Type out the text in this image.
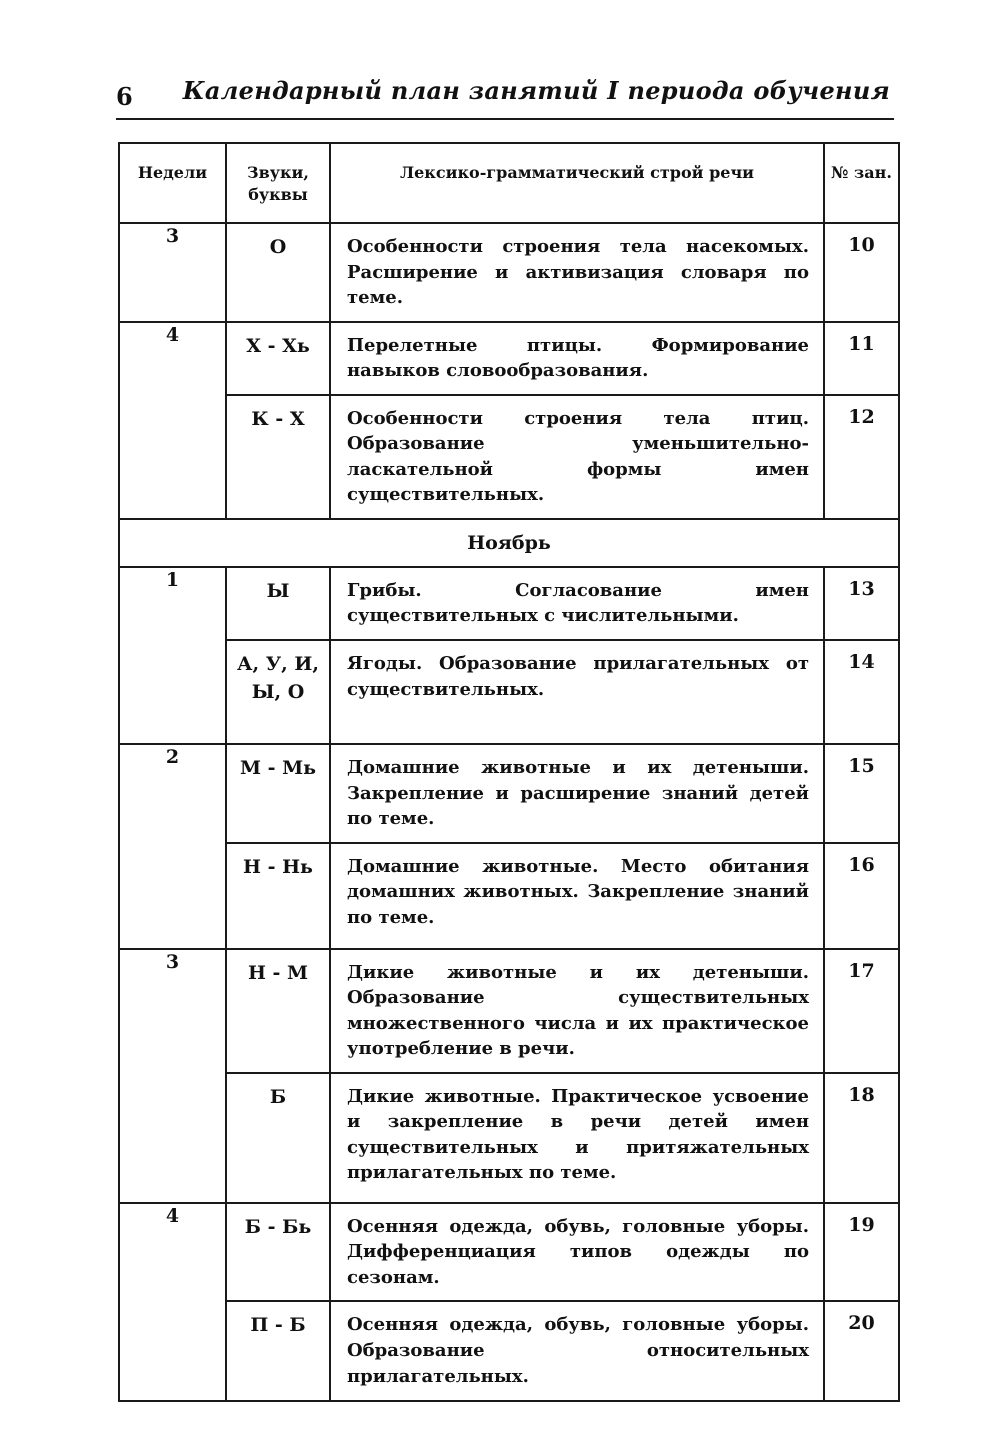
6 Календарный план занятий I периода обучения
Недели	Звуки, буквы	Лексико-грамматический строй речи	№ зан.
3	О	Особенности строения тела насекомых. Расширение и активизация словаря по теме.	10
4	Х - Хь	Перелетные птицы. Формирование навыков словообразования.	11
	К - Х	Особенности строения тела птиц. Образование уменьшительно-ласкательной формы имен существительных.	12
Ноябрь			
1	Ы	Грибы. Согласование имен существительных с числительными.	13
	А, У, И, Ы, О	Ягоды. Образование прилагательных от существительных.	14
2	М - Мь	Домашние животные и их детеныши. Закрепление и расширение знаний детей по теме.	15
	Н - Нь	Домашние животные. Место обитания домашних животных. Закрепление знаний по теме.	16
3	Н - М	Дикие животные и их детеныши. Образование существительных множественного числа и их практическое употребление в речи.	17
	Б	Дикие животные. Практическое усвоение и закрепление в речи детей имен существительных и притяжательных прилагательных по теме.	18
4	Б - Бь	Осенняя одежда, обувь, головные уборы. Дифференциация типов одежды по сезонам.	19
	П - Б	Осенняя одежда, обувь, головные уборы. Образование относительных прилагательных.	20
